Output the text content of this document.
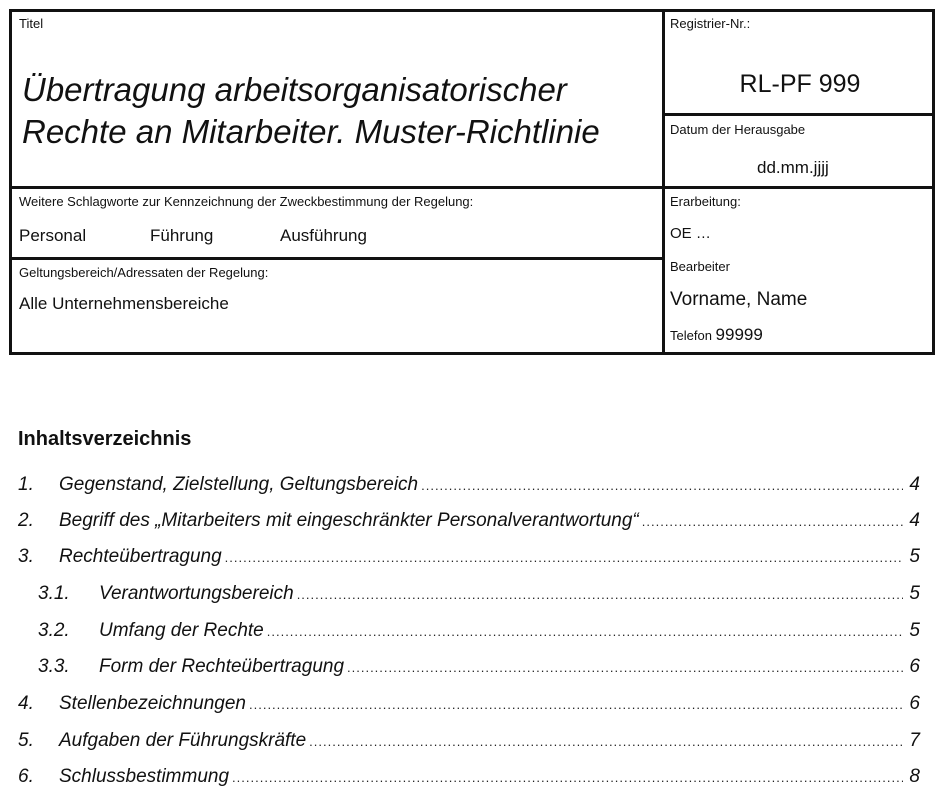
Titel
Übertragung arbeitsorganisatorischer
Rechte an Mitarbeiter. Muster-Richtlinie
Registrier-Nr.:
RL-PF 999
Datum der Herausgabe
dd.mm.jjjj
Weitere Schlagworte zur Kennzeichnung der Zweckbestimmung der Regelung:
Personal	Führung	Ausführung
Geltungsbereich/Adressaten der Regelung:
Alle Unternehmensbereiche
Erarbeitung:
OE …
Bearbeiter
Vorname, Name
Telefon 99999
Inhaltsverzeichnis
1.	Gegenstand, Zielstellung, Geltungsbereich .....	4
2.	Begriff des „Mitarbeiters mit eingeschränkter Personalverantwortung“ .....	4
3.	Rechteübertragung .....	5
3.1.	Verantwortungsbereich .....	5
3.2.	Umfang der Rechte .....	5
3.3.	Form der Rechteübertragung .....	6
4.	Stellenbezeichnungen .....	6
5.	Aufgaben der Führungskräfte .....	7
6.	Schlussbestimmung .....	8
